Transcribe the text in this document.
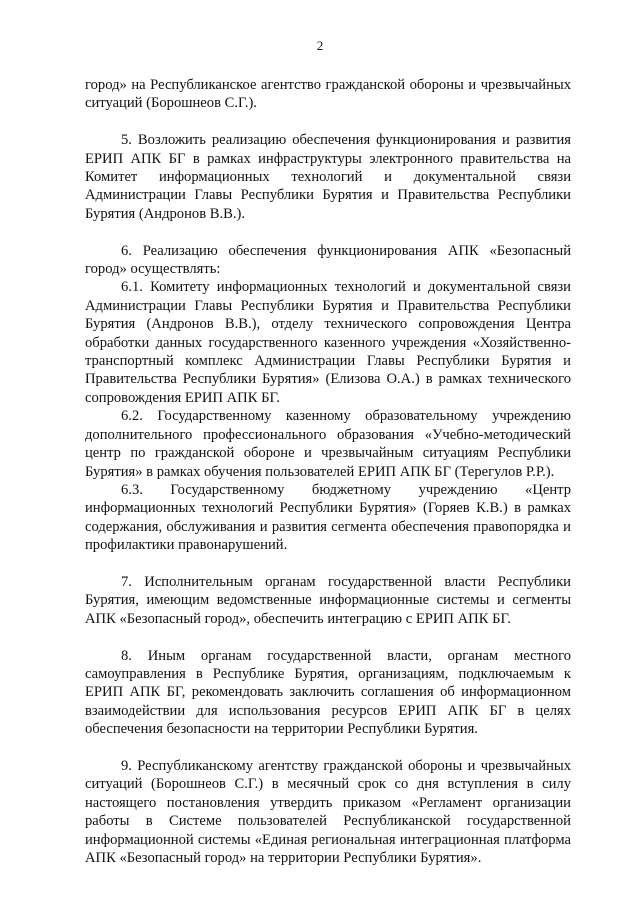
2

город» на Республиканское агентство гражданской обороны и чрезвычайных ситуаций (Борошнеов С.Г.).

5. Возложить реализацию обеспечения функционирования и развития ЕРИП АПК БГ в рамках инфраструктуры электронного правительства на Комитет информационных технологий и документальной связи Администрации Главы Республики Бурятия и Правительства Республики Бурятия (Андронов В.В.).

6. Реализацию обеспечения функционирования АПК «Безопасный город» осуществлять:

6.1. Комитету информационных технологий и документальной связи Администрации Главы Республики Бурятия и Правительства Республики Бурятия (Андронов В.В.), отделу технического сопровождения Центра обработки данных государственного казенного учреждения «Хозяйственно-транспортный комплекс Администрации Главы Республики Бурятия и Правительства Республики Бурятия» (Елизова О.А.) в рамках технического сопровождения ЕРИП АПК БГ.

6.2. Государственному казенному образовательному учреждению дополнительного профессионального образования «Учебно-методический центр по гражданской обороне и чрезвычайным ситуациям Республики Бурятия» в рамках обучения пользователей ЕРИП АПК БГ (Терегулов Р.Р.).

6.3. Государственному бюджетному учреждению «Центр информационных технологий Республики Бурятия» (Горяев К.В.) в рамках содержания, обслуживания и развития сегмента обеспечения правопорядка и профилактики правонарушений.

7. Исполнительным органам государственной власти Республики Бурятия, имеющим ведомственные информационные системы и сегменты АПК «Безопасный город», обеспечить интеграцию с ЕРИП АПК БГ.

8. Иным органам государственной власти, органам местного самоуправления в Республике Бурятия, организациям, подключаемым к ЕРИП АПК БГ, рекомендовать заключить соглашения об информационном взаимодействии для использования ресурсов ЕРИП АПК БГ в целях обеспечения безопасности на территории Республики Бурятия.

9. Республиканскому агентству гражданской обороны и чрезвычайных ситуаций (Борошнеов С.Г.) в месячный срок со дня вступления в силу настоящего постановления утвердить приказом «Регламент организации работы в Системе пользователей Республиканской государственной информационной системы «Единая региональная интеграционная платформа АПК «Безопасный город» на территории Республики Бурятия».
